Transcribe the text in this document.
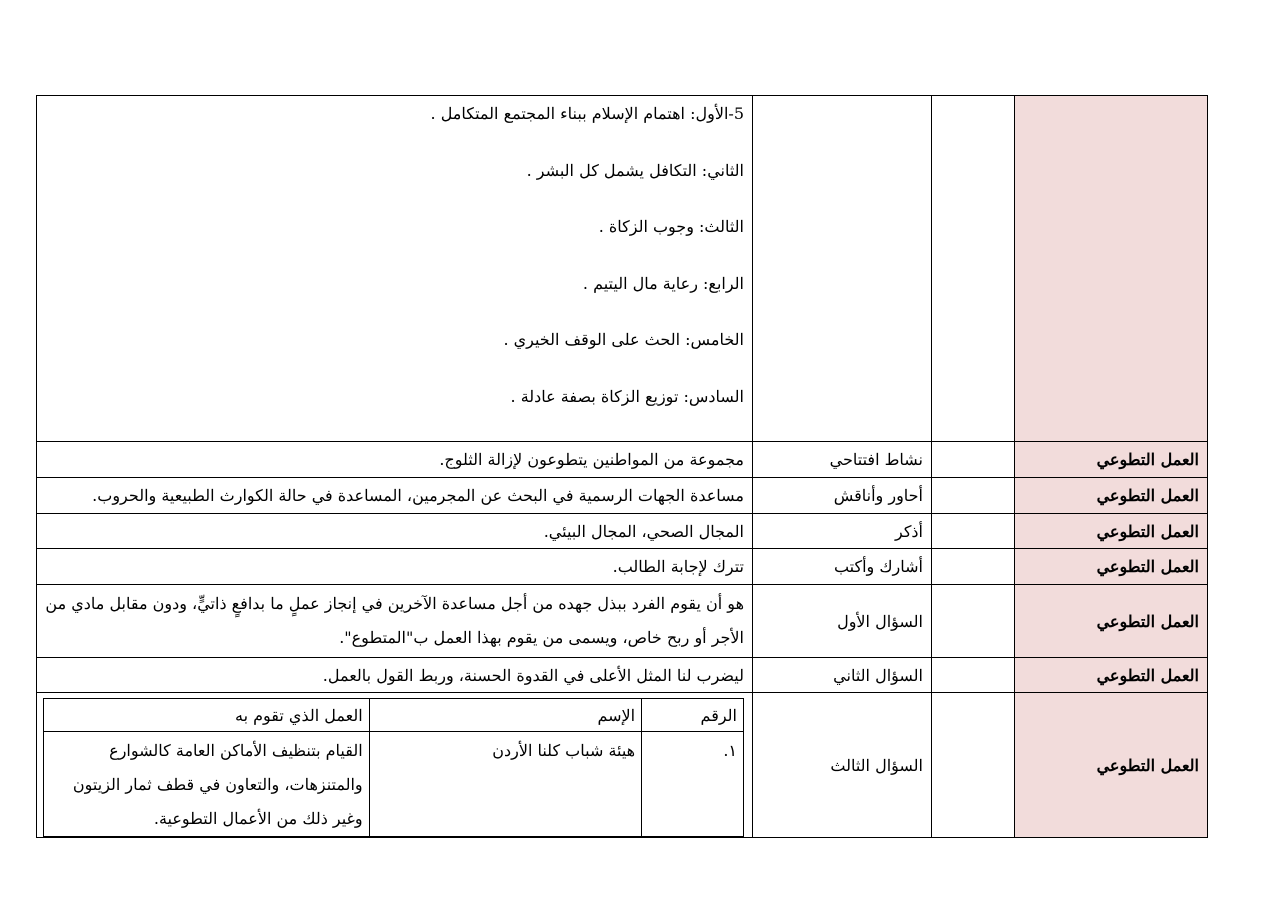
5-الأول: اهتمام الإسلام ببناء المجتمع المتكامل .

الثاني: التكافل يشمل كل البشر .

الثالث: وجوب الزكاة .

الرابع: رعاية مال اليتيم .

الخامس: الحث على الوقف الخيري .

السادس: توزيع الزكاة بصفة عادلة .

العمل التطوعي		نشاط افتتاحي	مجموعة من المواطنين يتطوعون لإزالة الثلوج.
العمل التطوعي		أحاور وأناقش	مساعدة الجهات الرسمية في البحث عن المجرمين، المساعدة في حالة الكوارث الطبيعية والحروب.
العمل التطوعي		أذكر	المجال الصحي، المجال البيئي.
العمل التطوعي		أشارك وأكتب	تترك لإجابة الطالب.
العمل التطوعي		السؤال الأول	هو أن يقوم الفرد ببذل جهده من أجل مساعدة الآخرين في إنجاز عملٍ ما بدافعٍ ذاتيٍّ، ودون مقابل مادي من الأجر أو ربح خاص، ويسمى من يقوم بهذا العمل ب"المتطوع".
العمل التطوعي		السؤال الثاني	ليضرب لنا المثل الأعلى في القدوة الحسنة، وربط القول بالعمل.
العمل التطوعي		السؤال الثالث	
الرقم	الإسم	العمل الذي تقوم به
١.	هيئة شباب كلنا الأردن	القيام بتنظيف الأماكن العامة كالشوارع والمتنزهات، والتعاون في قطف ثمار الزيتون وغير ذلك من الأعمال التطوعية.
